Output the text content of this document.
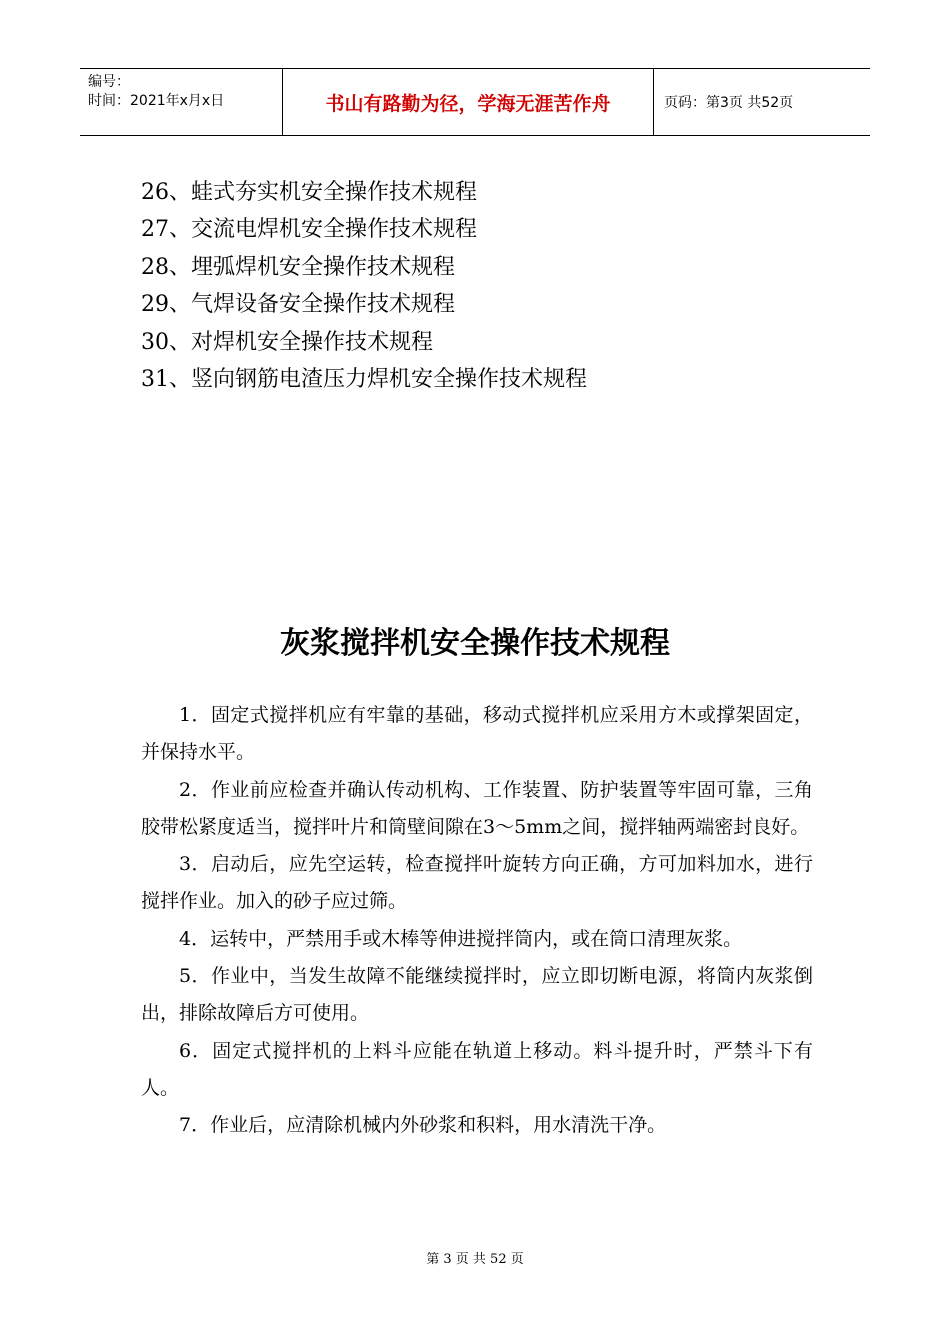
编号：
时间：2021年x月x日	书山有路勤为径，学海无涯苦作舟	页码：第3页 共52页
26、蛙式夯实机安全操作技术规程
27、交流电焊机安全操作技术规程
28、埋弧焊机安全操作技术规程
29、气焊设备安全操作技术规程
30、对焊机安全操作技术规程
31、竖向钢筋电渣压力焊机安全操作技术规程
灰浆搅拌机安全操作技术规程
1．固定式搅拌机应有牢靠的基础，移动式搅拌机应采用方木或撑架固定，并保持水平。
2．作业前应检查并确认传动机构、工作装置、防护装置等牢固可靠，三角胶带松紧度适当，搅拌叶片和筒壁间隙在3～5mm之间，搅拌轴两端密封良好。
3．启动后，应先空运转，检查搅拌叶旋转方向正确，方可加料加水，进行搅拌作业。加入的砂子应过筛。
4．运转中，严禁用手或木棒等伸进搅拌筒内，或在筒口清理灰浆。
5．作业中，当发生故障不能继续搅拌时，应立即切断电源，将筒内灰浆倒出，排除故障后方可使用。
6．固定式搅拌机的上料斗应能在轨道上移动。料斗提升时，严禁斗下有人。
7．作业后，应清除机械内外砂浆和积料，用水清洗干净。
第 3 页 共 52 页
